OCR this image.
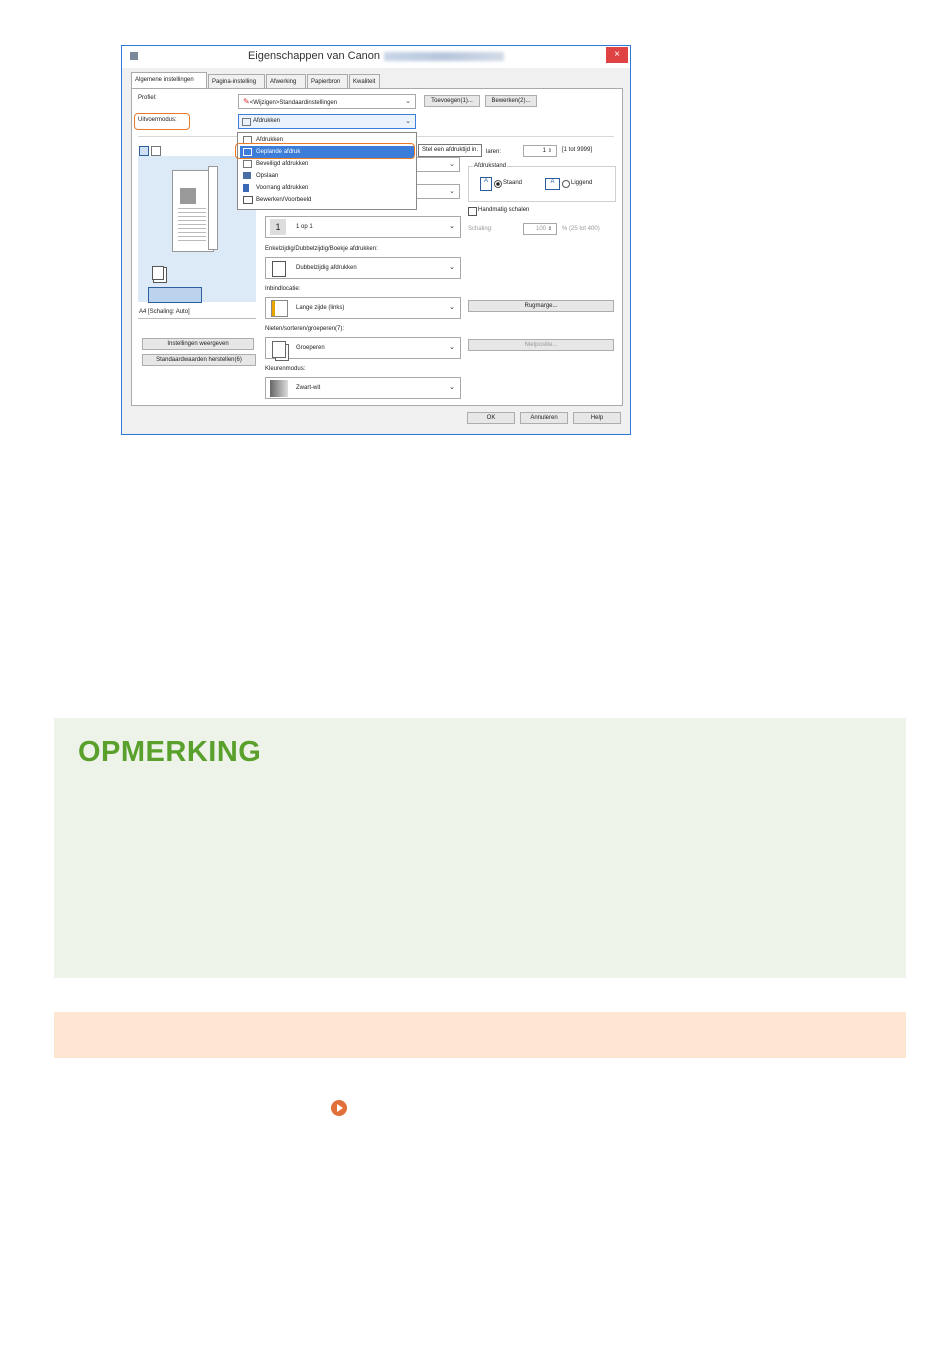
Eigenschappen van Canon	×
Algemene instellingen	Pagina-instelling	Afwerking	Papierbron	Kwaliteit
Profiel:	✎<Wijzigen>Standaardinstellingen	⌄	Toevoegen(1)...	Bewerken(2)...
Uitvoermodus:	Afdrukken	⌄
A4 [Schaling: Auto]
Instellingen weergeven
Standaardwaarden herstellen(6)
⌄
⌄
1	1 op 1	⌄
Enkelzijdig/Dubbelzijdig/Boekje afdrukken:
Dubbelzijdig afdrukken	⌄
Inbindlocatie:
Lange zijde (links)	⌄
Nieten/sorteren/groeperen(7):
Groeperen	⌄
Kleurenmodus:
Zwart-wit	⌄
laren:	1 ⇕ [1 tot 9999]
Afdrukstand
A	Staand	A	Liggend
Handmatig schalen
Schaling:	100 ⇕ % (25 tot 400)
Rugmarge...
Nietpositie...
Stel een afdruktijd in.
Afdrukken
Geplande afdruk
Beveiligd afdrukken
Opslaan
Voorrang afdrukken
Bewerken/Voorbeeld
OK	Annuleren	Help
OPMERKING
